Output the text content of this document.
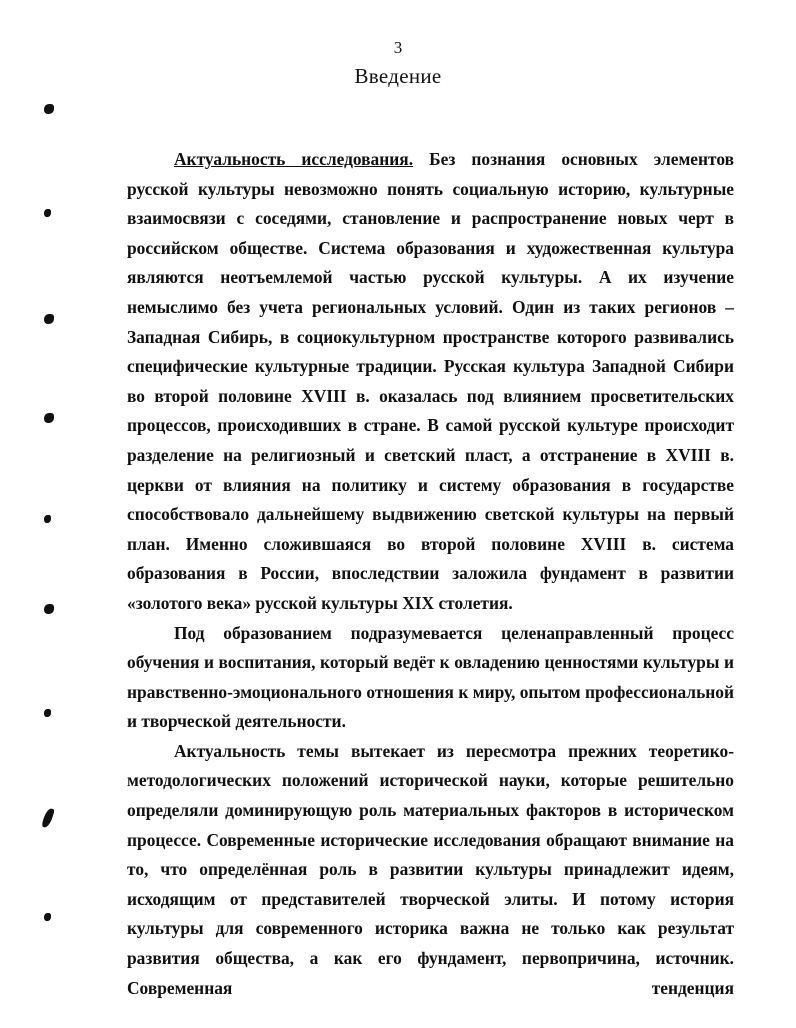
3
Введение

Актуальность исследования. Без познания основных элементов русской культуры невозможно понять социальную историю, культурные взаимосвязи с соседями, становление и распространение новых черт в российском обществе. Система образования и художественная культура являются неотъемлемой частью русской культуры. А их изучение немыслимо без учета региональных условий. Один из таких регионов – Западная Сибирь, в социокультурном пространстве которого развивались специфические культурные традиции. Русская культура Западной Сибири во второй половине XVIII в. оказалась под влиянием просветительских процессов, происходивших в стране. В самой русской культуре происходит разделение на религиозный и светский пласт, а отстранение в XVIII в. церкви от влияния на политику и систему образования в государстве способствовало дальнейшему выдвижению светской культуры на первый план. Именно сложившаяся во второй половине XVIII в. система образования в России, впоследствии заложила фундамент в развитии «золотого века» русской культуры XIX столетия.

Под образованием подразумевается целенаправленный процесс обучения и воспитания, который ведёт к овладению ценностями культуры и нравственно-эмоционального отношения к миру, опытом профессиональной и творческой деятельности.

Актуальность темы вытекает из пересмотра прежних теоретико-методологических положений исторической науки, которые решительно определяли доминирующую роль материальных факторов в историческом процессе. Современные исторические исследования обращают внимание на то, что определённая роль в развитии культуры принадлежит идеям, исходящим от представителей творческой элиты. И потому история культуры для современного историка важна не только как результат развития общества, а как его фундамент, первопричина, источник. Современная тенденция
